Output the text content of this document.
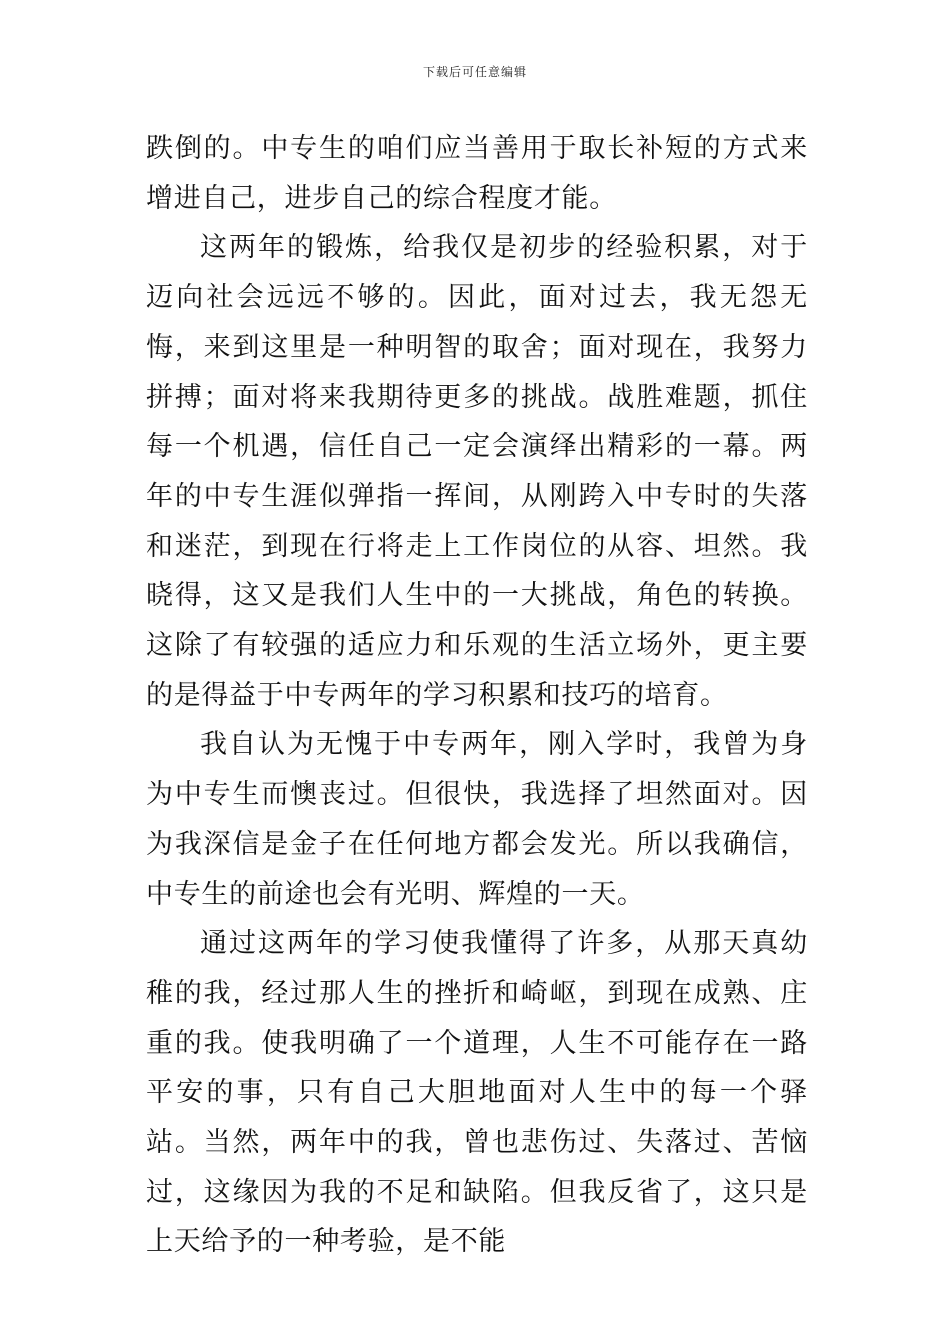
下载后可任意编辑

跌倒的。中专生的咱们应当善用于取长补短的方式来增进自己，进步自己的综合程度才能。

这两年的锻炼，给我仅是初步的经验积累，对于迈向社会远远不够的。因此，面对过去，我无怨无悔，来到这里是一种明智的取舍；面对现在，我努力拼搏；面对将来我期待更多的挑战。战胜难题，抓住每一个机遇，信任自己一定会演绎出精彩的一幕。两年的中专生涯似弹指一挥间，从刚跨入中专时的失落和迷茫，到现在行将走上工作岗位的从容、坦然。我晓得，这又是我们人生中的一大挑战，角色的转换。这除了有较强的适应力和乐观的生活立场外，更主要的是得益于中专两年的学习积累和技巧的培育。

我自认为无愧于中专两年，刚入学时，我曾为身为中专生而懊丧过。但很快，我选择了坦然面对。因为我深信是金子在任何地方都会发光。所以我确信，中专生的前途也会有光明、辉煌的一天。

通过这两年的学习使我懂得了许多，从那天真幼稚的我，经过那人生的挫折和崎岖，到现在成熟、庄重的我。使我明确了一个道理，人生不可能存在一路平安的事，只有自己大胆地面对人生中的每一个驿站。当然，两年中的我，曾也悲伤过、失落过、苦恼过，这缘因为我的不足和缺陷。但我反省了，这只是上天给予的一种考验，是不能
